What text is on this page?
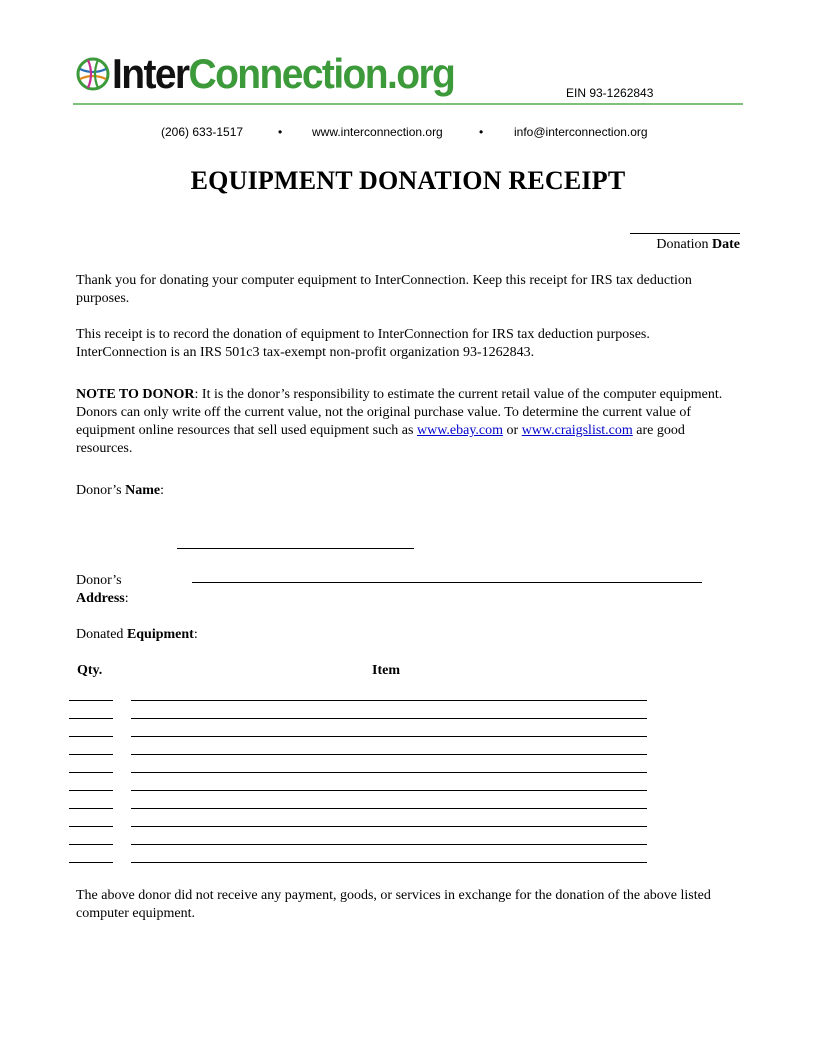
InterConnection.org	EIN 93-1262843
(206) 633-1517	• www.interconnection.org	•	info@interconnection.org
EQUIPMENT DONATION RECEIPT
Donation Date
Thank you for donating your computer equipment to InterConnection. Keep this receipt for IRS tax deduction purposes.
This receipt is to record the donation of equipment to InterConnection for IRS tax deduction purposes. InterConnection is an IRS 501c3 tax-exempt non-profit organization 93-1262843.
NOTE TO DONOR: It is the donor’s responsibility to estimate the current retail value of the computer equipment. Donors can only write off the current value, not the original purchase value. To determine the current value of equipment online resources that sell used equipment such as www.ebay.com or www.craigslist.com are good resources.
Donor’s Name:
Donor’s
Address:
Donated Equipment:
Qty.	Item
The above donor did not receive any payment, goods, or services in exchange for the donation of the above listed computer equipment.
